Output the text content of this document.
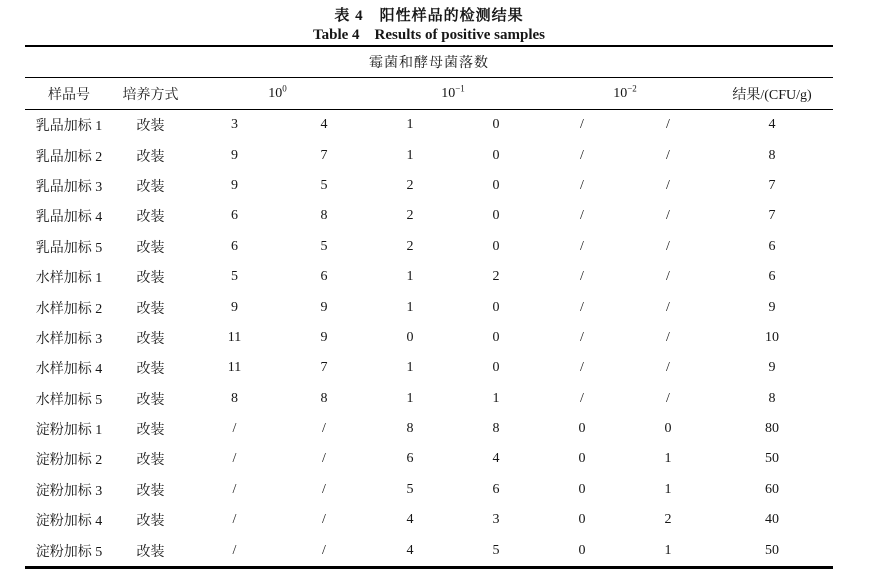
表 4　阳性样品的检测结果
Table 4　Results of positive samples
霉菌和酵母菌落数								
样品号	培养方式	$10^0$		$10^{-1}$		$10^{-2}$		结果/(CFU/g)
乳品加标 1	改装	3	4	1	0	/	/	4
乳品加标 2	改装	9	7	1	0	/	/	8
乳品加标 3	改装	9	5	2	0	/	/	7
乳品加标 4	改装	6	8	2	0	/	/	7
乳品加标 5	改装	6	5	2	0	/	/	6
水样加标 1	改装	5	6	1	2	/	/	6
水样加标 2	改装	9	9	1	0	/	/	9
水样加标 3	改装	11	9	0	0	/	/	10
水样加标 4	改装	11	7	1	0	/	/	9
水样加标 5	改装	8	8	1	1	/	/	8
淀粉加标 1	改装	/	/	8	8	0	0	80
淀粉加标 2	改装	/	/	6	4	0	1	50
淀粉加标 3	改装	/	/	5	6	0	1	60
淀粉加标 4	改装	/	/	4	3	0	2	40
淀粉加标 5	改装	/	/	4	5	0	1	50
